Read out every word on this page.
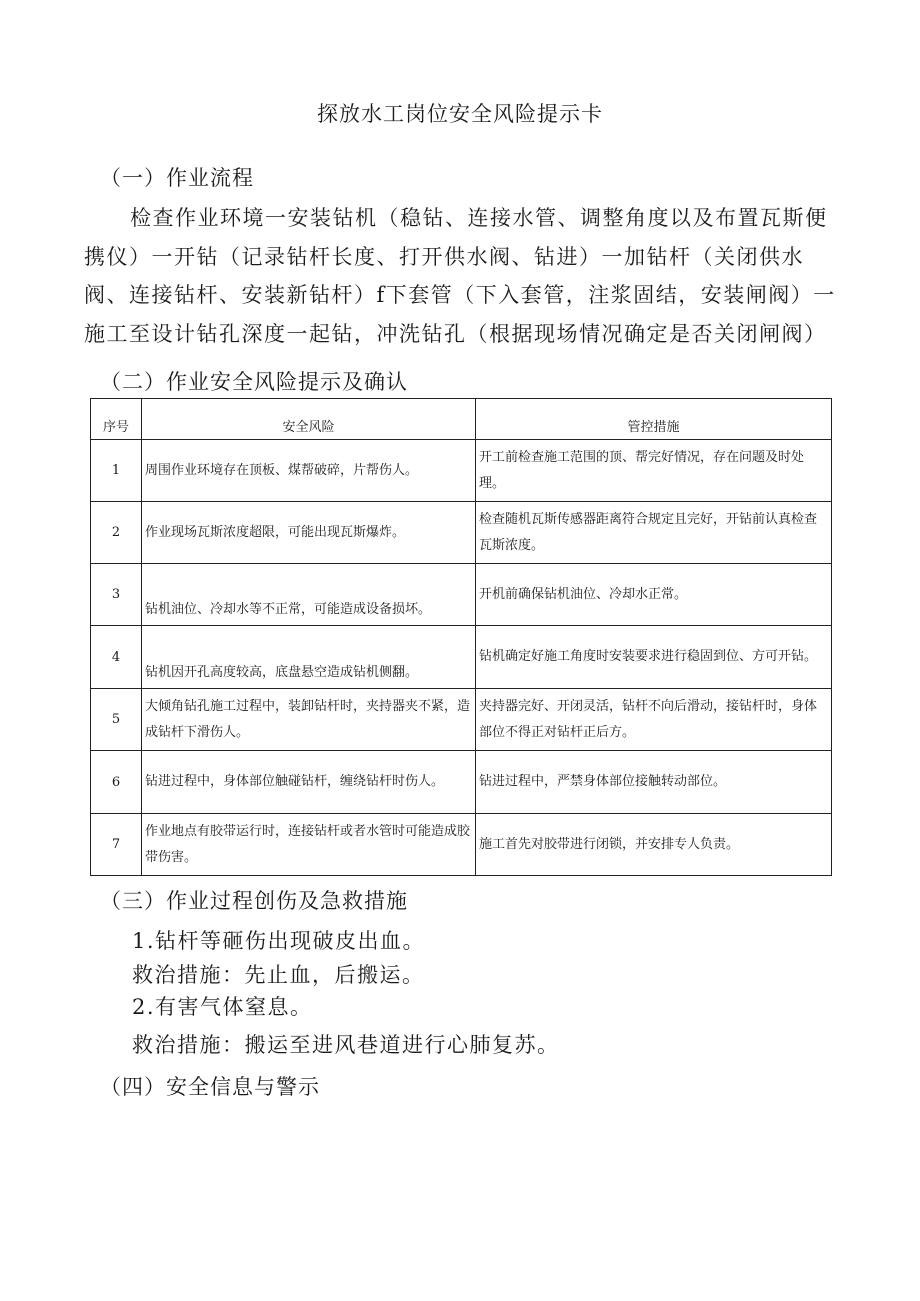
探放水工岗位安全风险提示卡
（一）作业流程
检查作业环境一安装钻机（稳钻、连接水管、调整角度以及布置瓦斯便携仪）一开钻（记录钻杆长度、打开供水阀、钻进）一加钻杆（关闭供水阀、连接钻杆、安装新钻杆）f下套管（下入套管，注浆固结，安装闸阀）一施工至设计钻孔深度一起钻，冲洗钻孔（根据现场情况确定是否关闭闸阀）
（二）作业安全风险提示及确认
序号	安全风险	管控措施
1	周围作业环境存在顶板、煤帮破碎，片帮伤人。	开工前检查施工范围的顶、帮完好情况，存在问题及时处理。
2	作业现场瓦斯浓度超限，可能出现瓦斯爆炸。	检查随机瓦斯传感器距离符合规定且完好，开钻前认真检查瓦斯浓度。
3	钻机油位、冷却水等不正常，可能造成设备损坏。	开机前确保钻机油位、冷却水正常。
4	钻机因开孔高度较高，底盘悬空造成钻机侧翻。	钻机确定好施工角度时安装要求进行稳固到位、方可开钻。
5	大倾角钻孔施工过程中，装卸钻杆时，夹持器夹不紧，造成钻杆下滑伤人。	夹持器完好、开闭灵活，钻杆不向后滑动，接钻杆时，身体部位不得正对钻杆正后方。
6	钻进过程中，身体部位触碰钻杆，缠绕钻杆时伤人。	钻进过程中，严禁身体部位接触转动部位。
7	作业地点有胶带运行时，连接钻杆或者水管时可能造成胶带伤害。	施工首先对胶带进行闭锁，并安排专人负责。
（三）作业过程创伤及急救措施
1.钻杆等砸伤出现破皮出血。
救治措施：先止血，后搬运。
2.有害气体窒息。
救治措施：搬运至进风巷道进行心肺复苏。
（四）安全信息与警示
